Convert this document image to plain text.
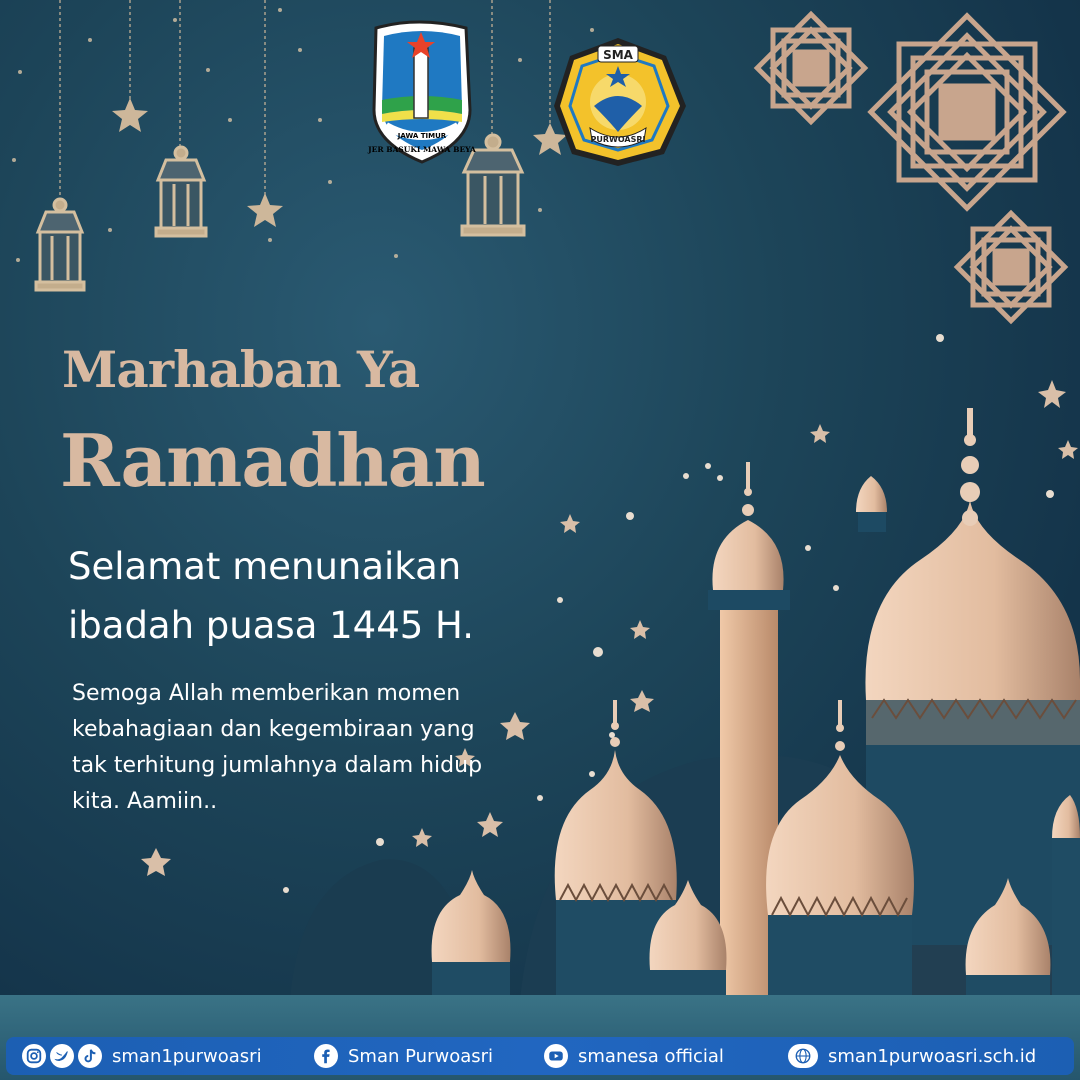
JAWA TIMUR
JER BASUKI MAWA BEYA
SMA
PURWOASRI
Marhaban Ya
Ramadhan
Selamat menunaikan
ibadah puasa 1445 H.
Semoga Allah memberikan momen
kebahagiaan dan kegembiraan yang
tak terhitung jumlahnya dalam hidup
kita. Aamiin..
sman1purwoasri	Sman Purwoasri	smanesa official	sman1purwoasri.sch.id
